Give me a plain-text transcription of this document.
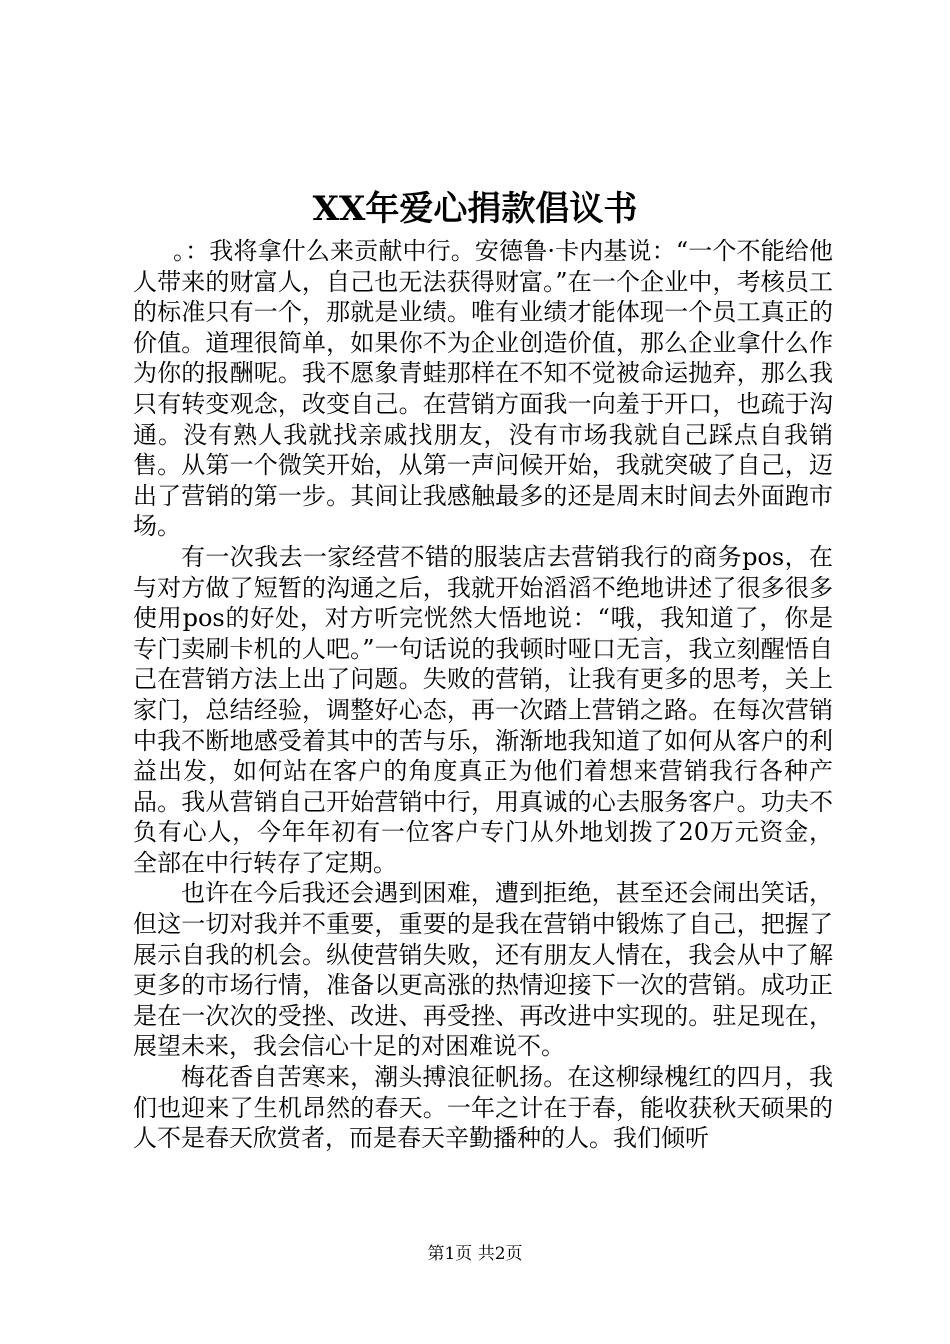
XX年爱心捐款倡议书

。：我将拿什么来贡献中行。安德鲁·卡内基说：“一个不能给他人带来的财富人，自己也无法获得财富。”在一个企业中，考核员工的标准只有一个，那就是业绩。唯有业绩才能体现一个员工真正的价值。道理很简单，如果你不为企业创造价值，那么企业拿什么作为你的报酬呢。我不愿象青蛙那样在不知不觉被命运抛弃，那么我只有转变观念，改变自己。在营销方面我一向羞于开口，也疏于沟通。没有熟人我就找亲戚找朋友，没有市场我就自己踩点自我销售。从第一个微笑开始，从第一声问候开始，我就突破了自己，迈出了营销的第一步。其间让我感触最多的还是周末时间去外面跑市场。

有一次我去一家经营不错的服装店去营销我行的商务pos，在与对方做了短暂的沟通之后，我就开始滔滔不绝地讲述了很多很多使用pos的好处，对方听完恍然大悟地说：“哦，我知道了，你是专门卖刷卡机的人吧。”一句话说的我顿时哑口无言，我立刻醒悟自己在营销方法上出了问题。失败的营销，让我有更多的思考，关上家门，总结经验，调整好心态，再一次踏上营销之路。在每次营销中我不断地感受着其中的苦与乐，渐渐地我知道了如何从客户的利益出发，如何站在客户的角度真正为他们着想来营销我行各种产品。我从营销自己开始营销中行，用真诚的心去服务客户。功夫不负有心人，今年年初有一位客户专门从外地划拨了20万元资金，全部在中行转存了定期。

也许在今后我还会遇到困难，遭到拒绝，甚至还会闹出笑话，但这一切对我并不重要，重要的是我在营销中锻炼了自己，把握了展示自我的机会。纵使营销失败，还有朋友人情在，我会从中了解更多的市场行情，准备以更高涨的热情迎接下一次的营销。成功正是在一次次的受挫、改进、再受挫、再改进中实现的。驻足现在，展望未来，我会信心十足的对困难说不。

梅花香自苦寒来，潮头搏浪征帆扬。在这柳绿槐红的四月，我们也迎来了生机昂然的春天。一年之计在于春，能收获秋天硕果的人不是春天欣赏者，而是春天辛勤播种的人。我们倾听

第1页 共2页
